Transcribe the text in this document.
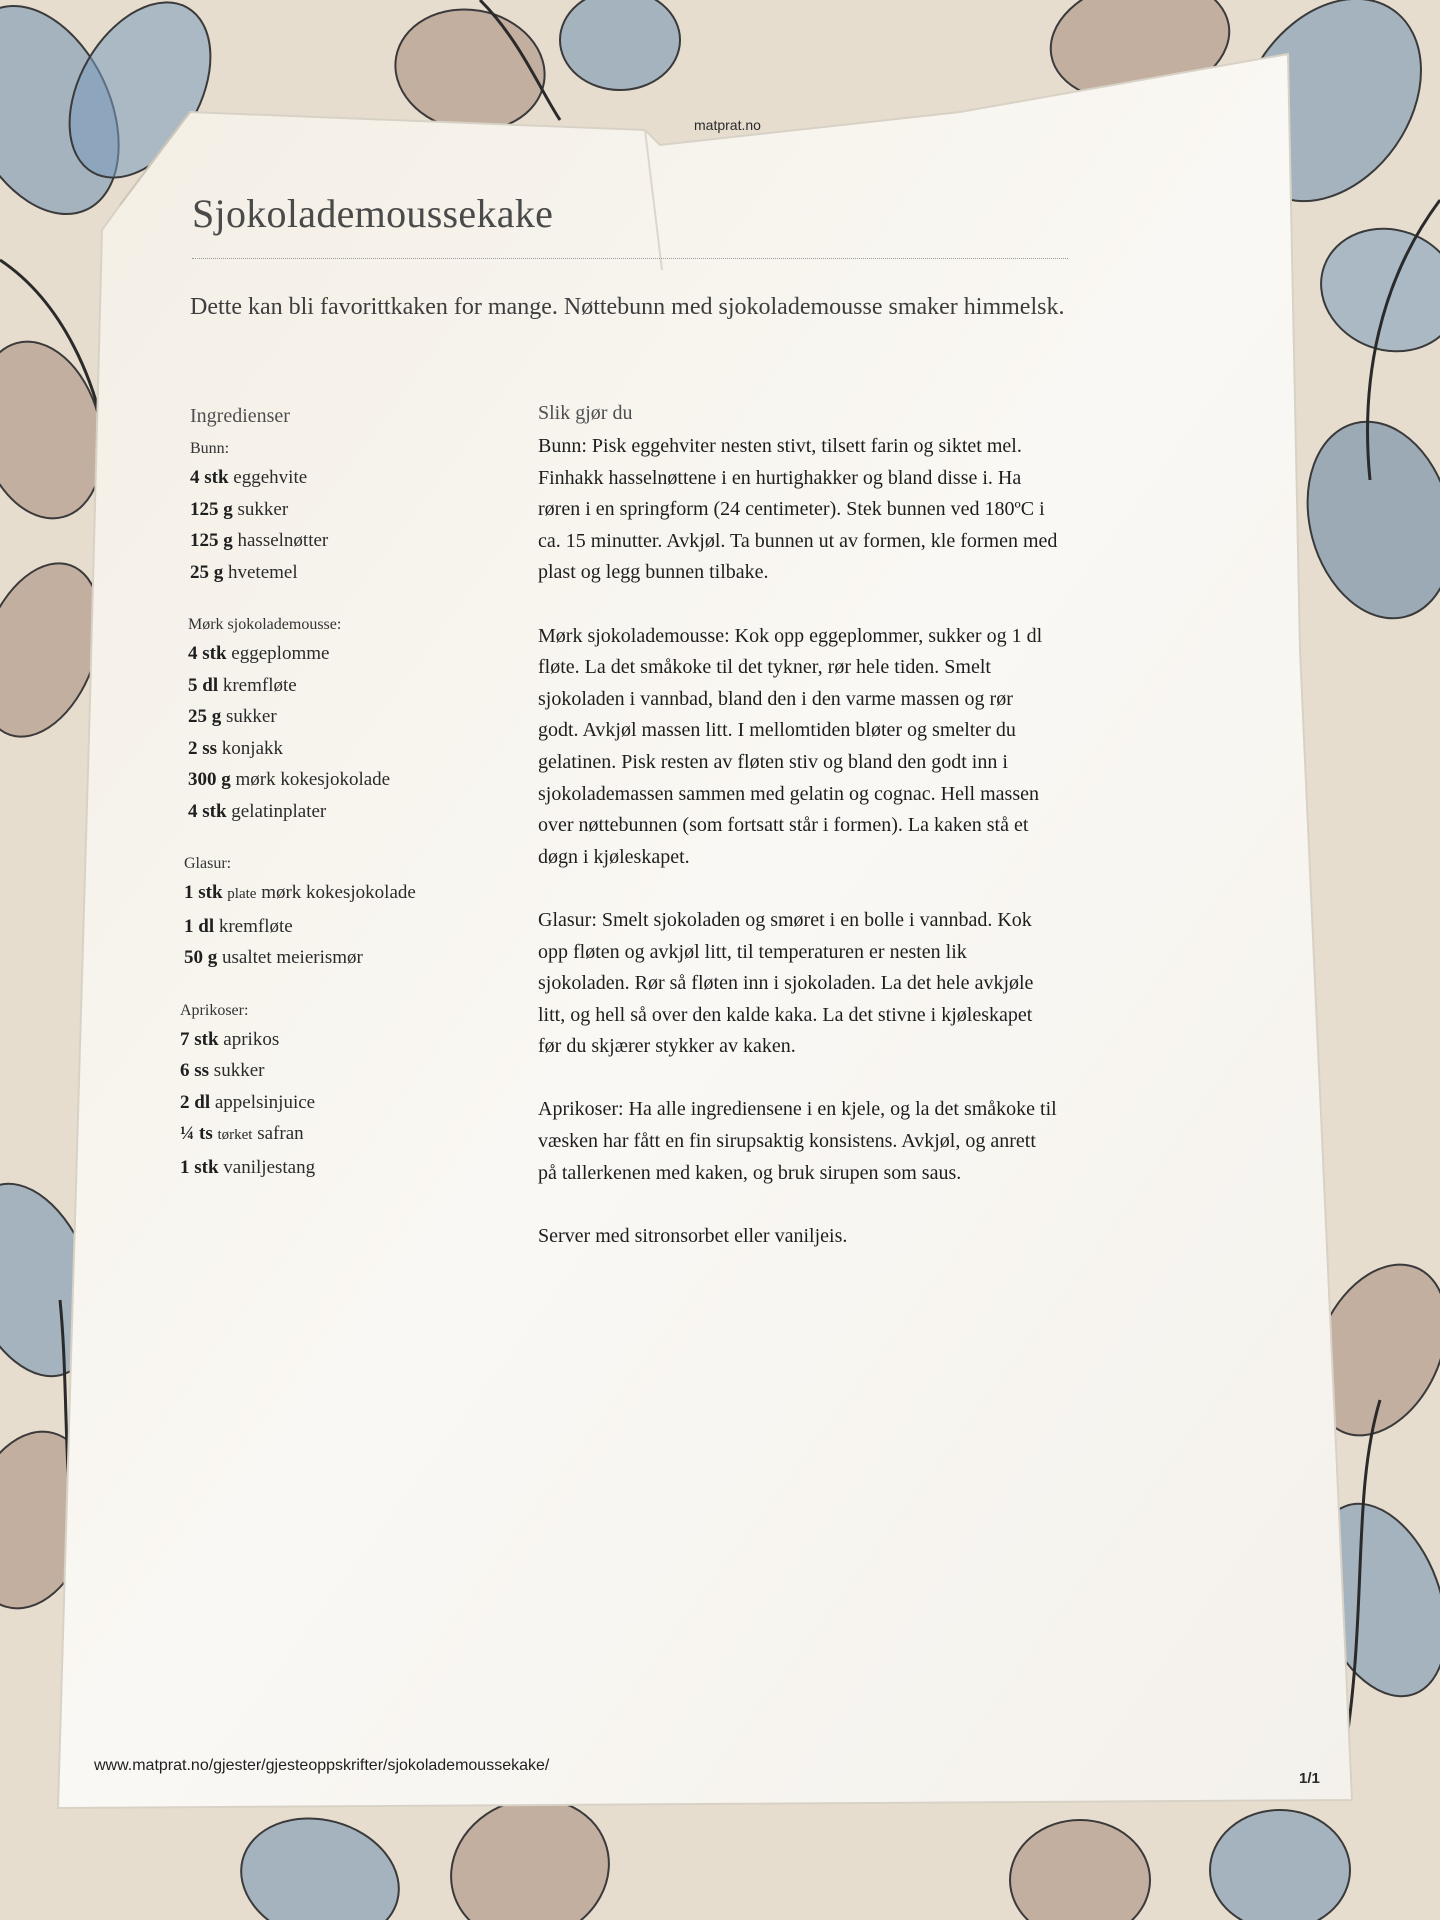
matprat.no
Sjokolademoussekake
Dette kan bli favorittkaken for mange. Nøttebunn med sjokolademousse smaker himmelsk.
Ingredienser
Bunn:
4 stk eggehvite
125 g sukker
125 g hasselnøtter
25 g hvetemel
Mørk sjokolademousse:
4 stk eggeplomme
5 dl kremfløte
25 g sukker
2 ss konjakk
300 g mørk kokesjokolade
4 stk gelatinplater
Glasur:
1 stk plate mørk kokesjokolade
1 dl kremfløte
50 g usaltet meierismør
Aprikoser:
7 stk aprikos
6 ss sukker
2 dl appelsinjuice
¼ ts tørket safran
1 stk vaniljestang
Slik gjør du
Bunn: Pisk eggehviter nesten stivt, tilsett farin og siktet mel. Finhakk hasselnøttene i en hurtighakker og bland disse i. Ha røren i en springform (24 centimeter). Stek bunnen ved 180ºC i ca. 15 minutter. Avkjøl. Ta bunnen ut av formen, kle formen med plast og legg bunnen tilbake.
Mørk sjokolademousse: Kok opp eggeplommer, sukker og 1 dl fløte. La det småkoke til det tykner, rør hele tiden. Smelt sjokoladen i vannbad, bland den i den varme massen og rør godt. Avkjøl massen litt. I mellomtiden bløter og smelter du gelatinen. Pisk resten av fløten stiv og bland den godt inn i sjokolademassen sammen med gelatin og cognac. Hell massen over nøttebunnen (som fortsatt står i formen). La kaken stå et døgn i kjøleskapet.
Glasur: Smelt sjokoladen og smøret i en bolle i vannbad. Kok opp fløten og avkjøl litt, til temperaturen er nesten lik sjokoladen. Rør så fløten inn i sjokoladen. La det hele avkjøle litt, og hell så over den kalde kaka. La det stivne i kjøleskapet før du skjærer stykker av kaken.
Aprikoser: Ha alle ingrediensene i en kjele, og la det småkoke til væsken har fått en fin sirupsaktig konsistens. Avkjøl, og anrett på tallerkenen med kaken, og bruk sirupen som saus.
Server med sitronsorbet eller vaniljeis.
www.matprat.no/gjester/gjesteoppskrifter/sjokolademoussekake/
1/1
